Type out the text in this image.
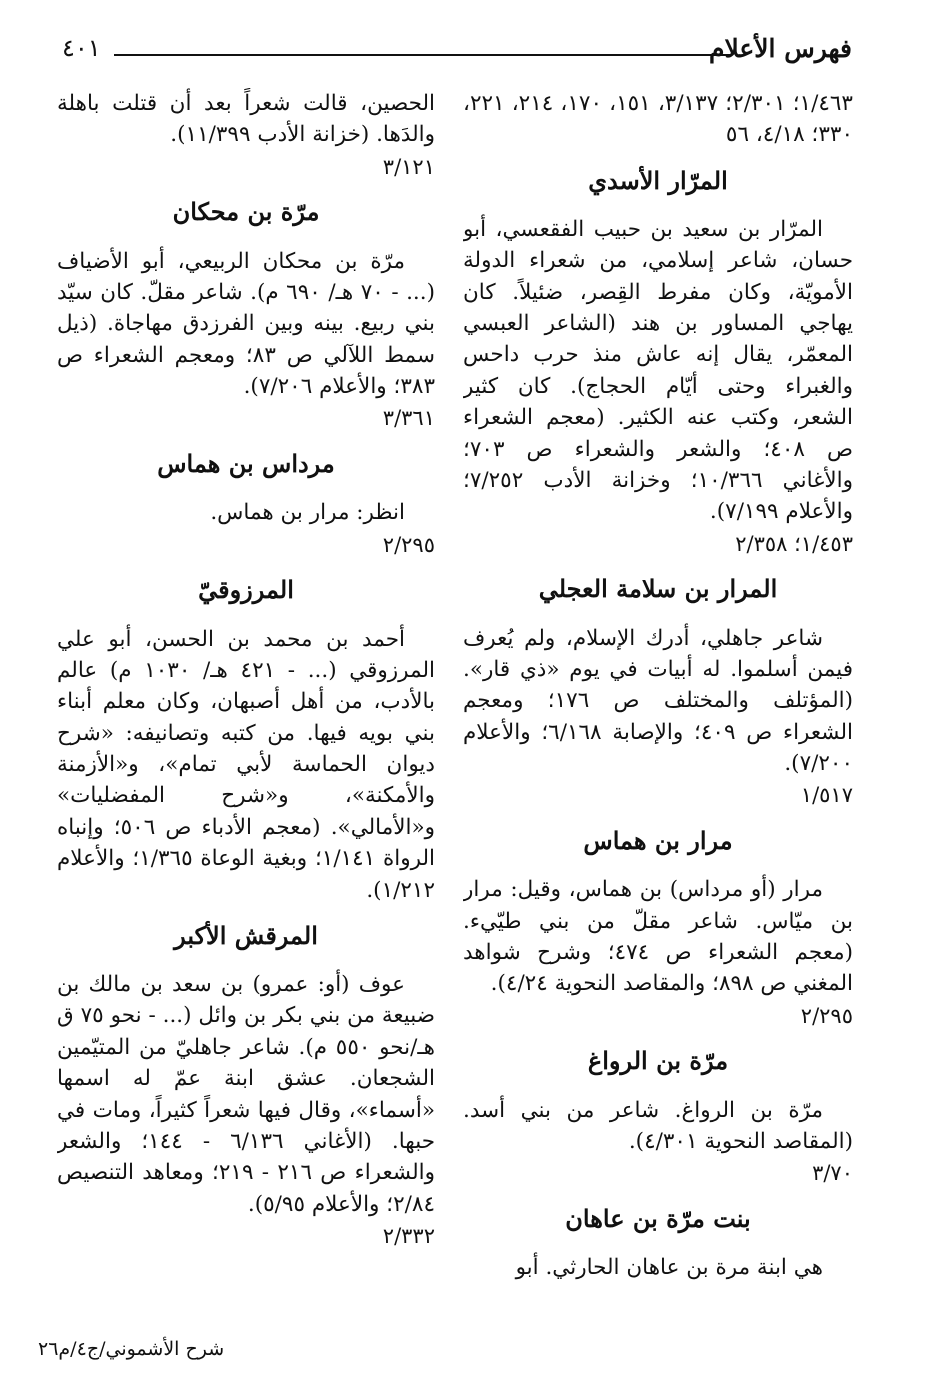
فهرس الأعلام
٤٠١

١/٤٦٣؛ ٢/٣٠١؛ ٣/١٣٧، ١٥١، ١٧٠، ٢١٤، ٢٢١، ٣٣٠؛ ٤/١٨، ٥٦

المرّار الأسدي

المرّار بن سعيد بن حبيب الفقعسي، أبو حسان، شاعر إسلامي، من شعراء الدولة الأمويّة، وكان مفرط القِصر، ضئيلاً. كان يهاجي المساور بن هند (الشاعر العبسي المعمّر، يقال إنه عاش منذ حرب داحس والغبراء وحتى أيّام الحجاج). كان كثير الشعر، وكتب عنه الكثير. (معجم الشعراء ص ٤٠٨؛ والشعر والشعراء ص ٧٠٣؛ والأغاني ١٠/٣٦٦؛ وخزانة الأدب ٧/٢٥٢؛ والأعلام ٧/١٩٩).

١/٤٥٣؛ ٢/٣٥٨
المرار بن سلامة العجلي

شاعر جاهلي، أدرك الإسلام، ولم يُعرف فيمن أسلموا. له أبيات في يوم «ذي قار». (المؤتلف والمختلف ص ١٧٦؛ ومعجم الشعراء ص ٤٠٩؛ والإصابة ٦/١٦٨؛ والأعلام ٧/٢٠٠).

١/٥١٧
مرار بن هماس

مرار (أو مرداس) بن هماس، وقيل: مرار بن ميّاس. شاعر مقلّ من بني طيّيء. (معجم الشعراء ص ٤٧٤؛ وشرح شواهد المغني ص ٨٩٨؛ والمقاصد النحوية ٤/٢٤).

٢/٢٩٥
مرّة بن الرواغ

مرّة بن الرواغ. شاعر من بني أسد. (المقاصد النحوية ٤/٣٠١).

٣/٧٠
بنت مرّة بن عاهان

هي ابنة مرة بن عاهان الحارثي. أبو

الحصين، قالت شعراً بعد أن قتلت باهلة والدَها. (خزانة الأدب ١١/٣٩٩).

٣/١٢١
مرّة بن محكان

مرّة بن محكان الربيعي، أبو الأضياف (... - ٧٠ هـ/ ٦٩٠ م). شاعر مقلّ. كان سيّد بني ربيع. بينه وبين الفرزدق مهاجاة. (ذيل سمط اللآلي ص ٨٣؛ ومعجم الشعراء ص ٣٨٣؛ والأعلام ٧/٢٠٦).

٣/٣٦١
مرداس بن هماس

انظر: مرار بن هماس.

٢/٢٩٥
المرزوقيّ

أحمد بن محمد بن الحسن، أبو علي المرزوقي (... - ٤٢١ هـ/ ١٠٣٠ م) عالم بالأدب، من أهل أصبهان، وكان معلم أبناء بني بويه فيها. من كتبه وتصانيفه: «شرح ديوان الحماسة لأبي تمام»، و«الأزمنة والأمكنة»، و«شرح المفضليات» و«الأمالي». (معجم الأدباء ص ٥٠٦؛ وإنباه الرواة ١/١٤١؛ وبغية الوعاة ١/٣٦٥؛ والأعلام ١/٢١٢).

المرقش الأكبر

عوف (أو: عمرو) بن سعد بن مالك بن ضبيعة من بني بكر بن وائل (... - نحو ٧٥ ق هـ/نحو ٥٥٠ م). شاعر جاهليّ من المتيّمين الشجعان. عشق ابنة عمّ له اسمها «أسماء»، وقال فيها شعراً كثيراً، ومات في حبها. (الأغاني ٦/١٣٦ - ١٤٤؛ والشعر والشعراء ص ٢١٦ - ٢١٩؛ ومعاهد التنصيص ٢/٨٤؛ والأعلام ٥/٩٥).

٢/٣٣٢
شرح الأشموني/ج٤/م٢٦
